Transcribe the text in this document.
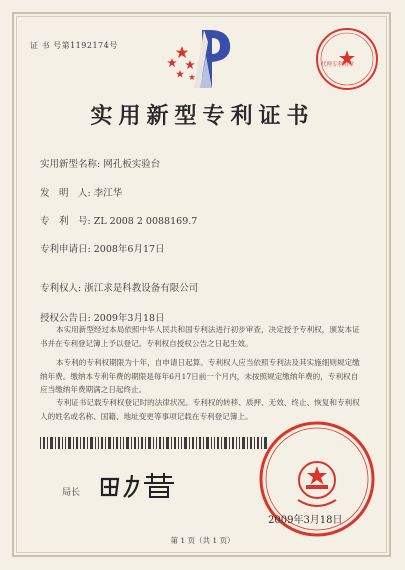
证 书 号第1192174号
代理专利用章
实用新型专利证书
实用新型名称: 网孔板实验台
发　明　人: 李江华
专　利　号: ZL 2008 2 0088169.7
专利申请日: 2008年6月17日
专利权人: 浙江求是科教设备有限公司
授权公告日: 2009年3月18日
本实用新型经过本局依照中华人民共和国专利法进行初步审查，决定授予专利权，颁发本证书并在专利登记簿上予以登记。专利权自授权公告之日起生效。
本专利的专利权期限为十年，自申请日起算。专利权人应当依照专利法及其实施细则规定缴纳年费。缴纳本专利年费的期限是每年6月17日前一个月内，未按照规定缴纳年费的，专利权自应当缴纳年费期满之日起终止。
专利证书记载专利权登记时的法律状况。专利权的转移、质押、无效、终止、恢复和专利权人的姓名或名称、国籍、地址变更等事项记载在专利登记簿上。
局长
2009年3月18日
第 1 页（共 1 页）
